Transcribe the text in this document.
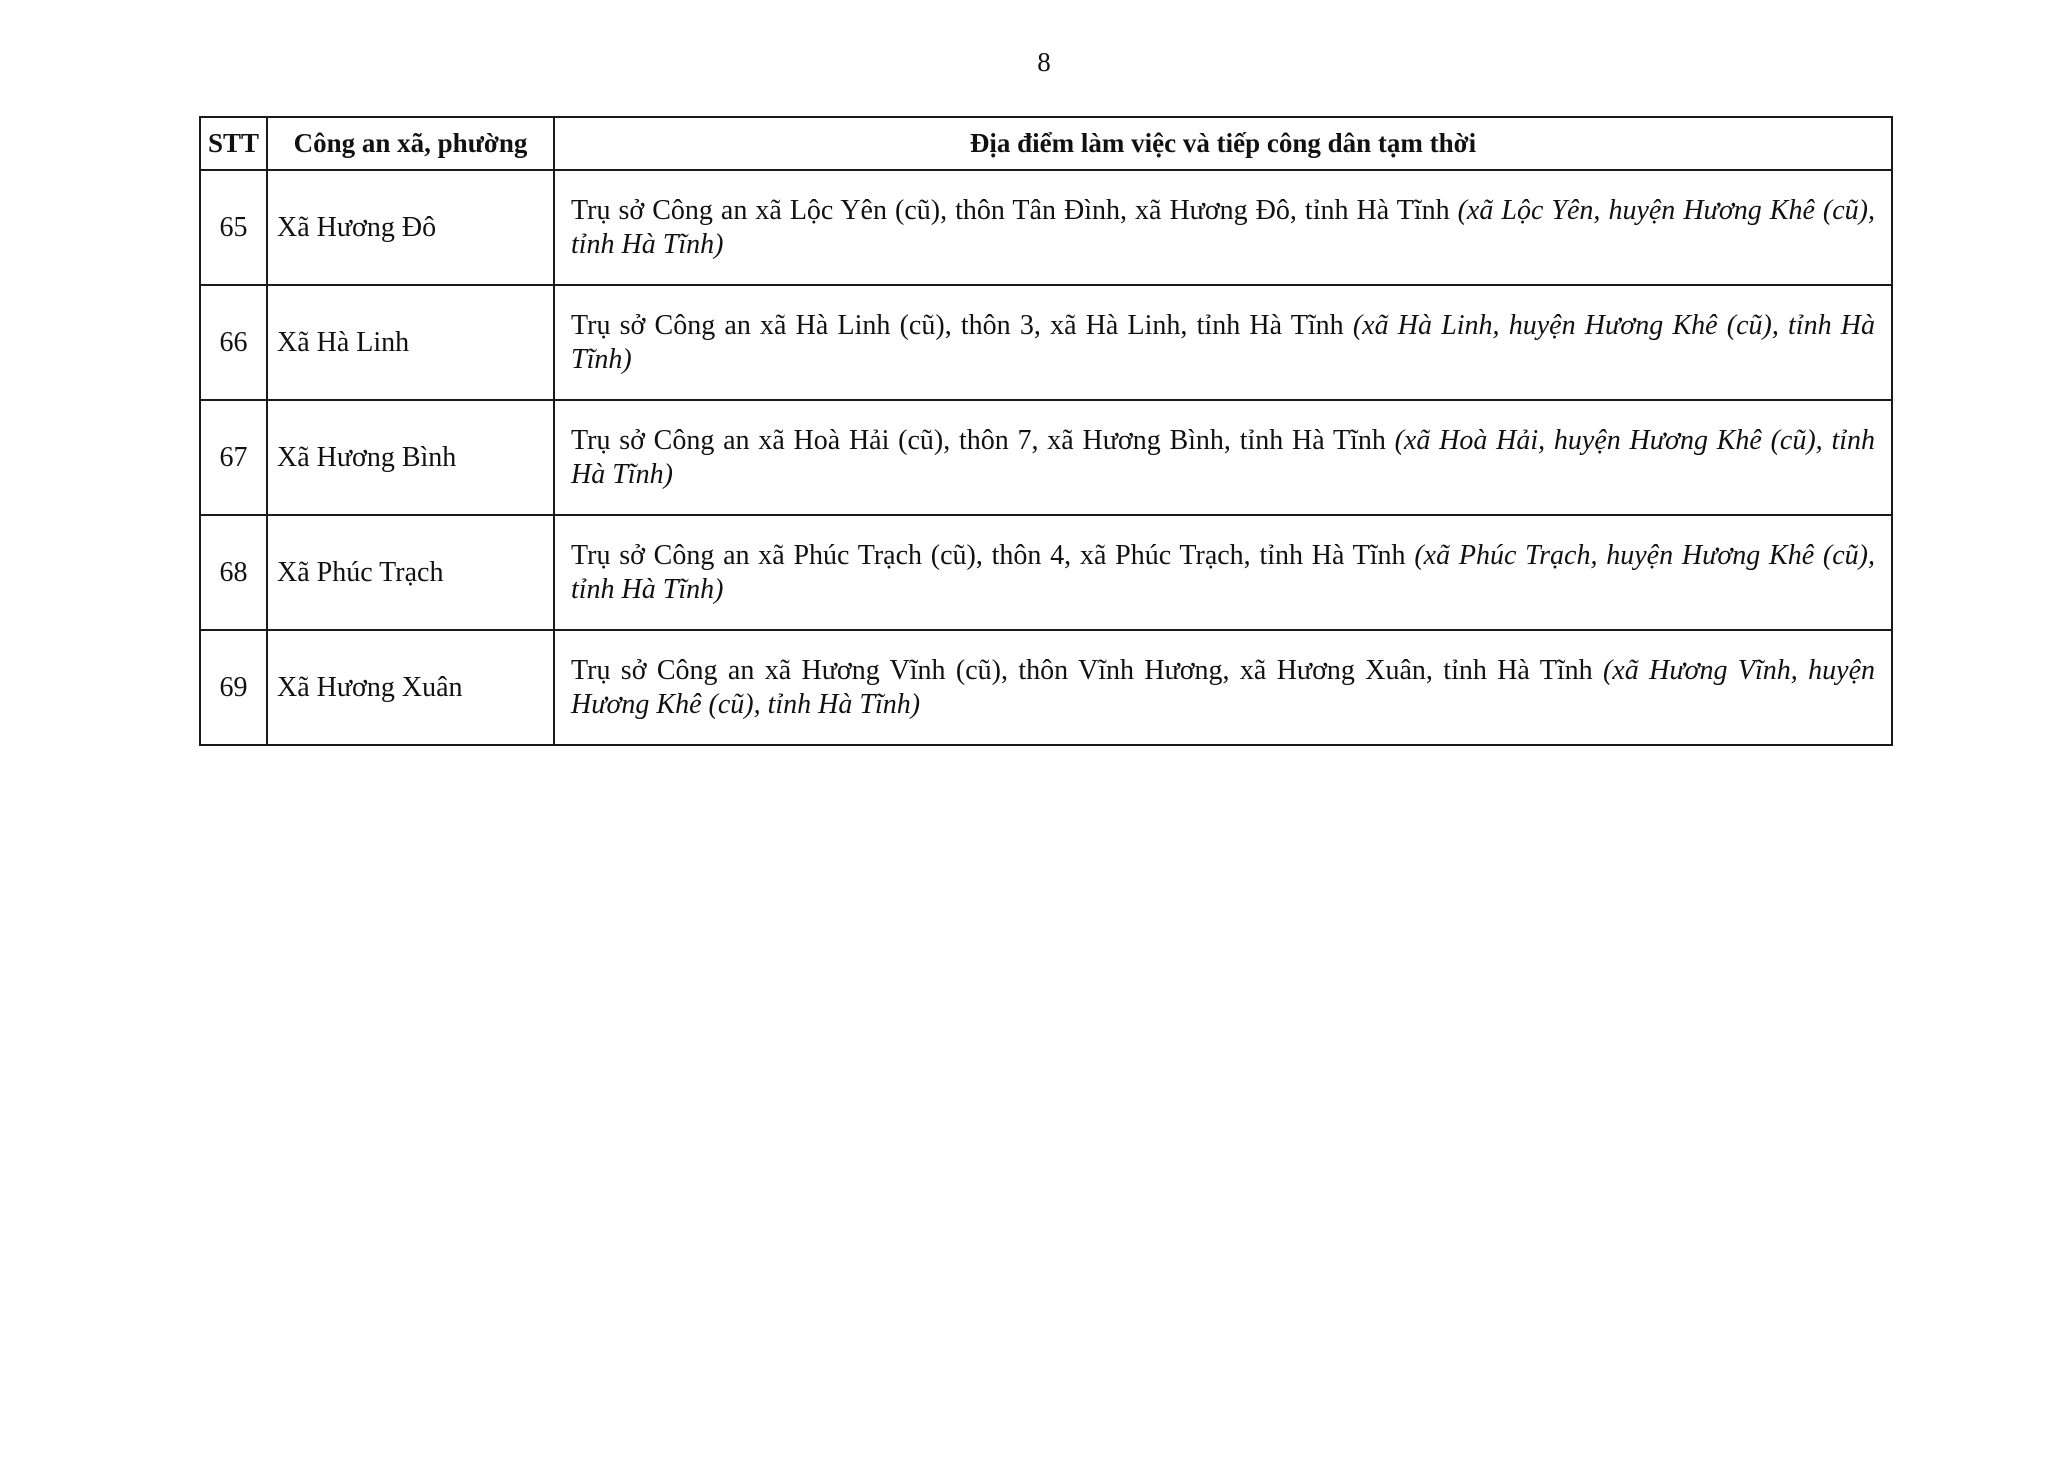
8
STT	Công an xã, phường	Địa điểm làm việc và tiếp công dân tạm thời
65	Xã Hương Đô	Trụ sở Công an xã Lộc Yên (cũ), thôn Tân Đình, xã Hương Đô, tỉnh Hà Tĩnh (xã Lộc Yên, huyện Hương Khê (cũ), tỉnh Hà Tĩnh)
66	Xã Hà Linh	Trụ sở Công an xã Hà Linh (cũ), thôn 3, xã Hà Linh, tỉnh Hà Tĩnh (xã Hà Linh, huyện Hương Khê (cũ), tỉnh Hà Tĩnh)
67	Xã Hương Bình	Trụ sở Công an xã Hoà Hải (cũ), thôn 7, xã Hương Bình, tỉnh Hà Tĩnh (xã Hoà Hải, huyện Hương Khê (cũ), tỉnh Hà Tĩnh)
68	Xã Phúc Trạch	Trụ sở Công an xã Phúc Trạch (cũ), thôn 4, xã Phúc Trạch, tỉnh Hà Tĩnh (xã Phúc Trạch, huyện Hương Khê (cũ), tỉnh Hà Tĩnh)
69	Xã Hương Xuân	Trụ sở Công an xã Hương Vĩnh (cũ), thôn Vĩnh Hương, xã Hương Xuân, tỉnh Hà Tĩnh (xã Hương Vĩnh, huyện Hương Khê (cũ), tỉnh Hà Tĩnh)
